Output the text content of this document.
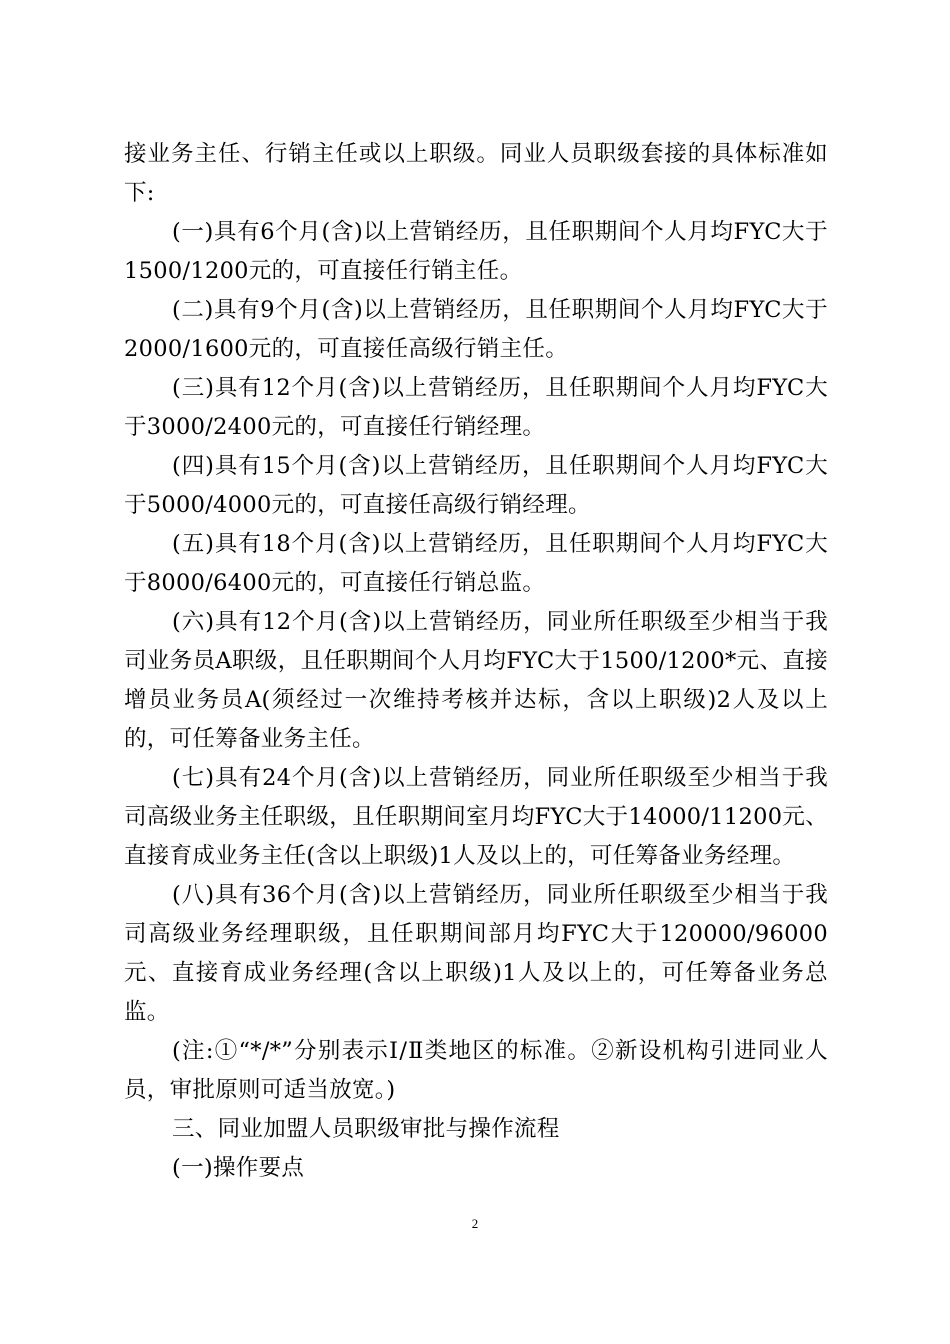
接业务主任、行销主任或以上职级。同业人员职级套接的具体标准如下:

(一)具有6个月(含)以上营销经历，且任职期间个人月均FYC大于1500/1200元的，可直接任行销主任。

(二)具有9个月(含)以上营销经历，且任职期间个人月均FYC大于2000/1600元的，可直接任高级行销主任。

(三)具有12个月(含)以上营销经历，且任职期间个人月均FYC大于3000/2400元的，可直接任行销经理。

(四)具有15个月(含)以上营销经历，且任职期间个人月均FYC大于5000/4000元的，可直接任高级行销经理。

(五)具有18个月(含)以上营销经历，且任职期间个人月均FYC大于8000/6400元的，可直接任行销总监。

(六)具有12个月(含)以上营销经历，同业所任职级至少相当于我司业务员A职级，且任职期间个人月均FYC大于1500/1200*元、直接增员业务员A(须经过一次维持考核并达标，含以上职级)2人及以上的，可任筹备业务主任。

(七)具有24个月(含)以上营销经历，同业所任职级至少相当于我司高级业务主任职级，且任职期间室月均FYC大于14000/11200元、直接育成业务主任(含以上职级)1人及以上的，可任筹备业务经理。

(八)具有36个月(含)以上营销经历，同业所任职级至少相当于我司高级业务经理职级，且任职期间部月均FYC大于120000/96000元、直接育成业务经理(含以上职级)1人及以上的，可任筹备业务总监。

(注:①“*/*”分别表示Ⅰ/Ⅱ类地区的标准。②新设机构引进同业人员，审批原则可适当放宽。)

三、同业加盟人员职级审批与操作流程

(一)操作要点

2
